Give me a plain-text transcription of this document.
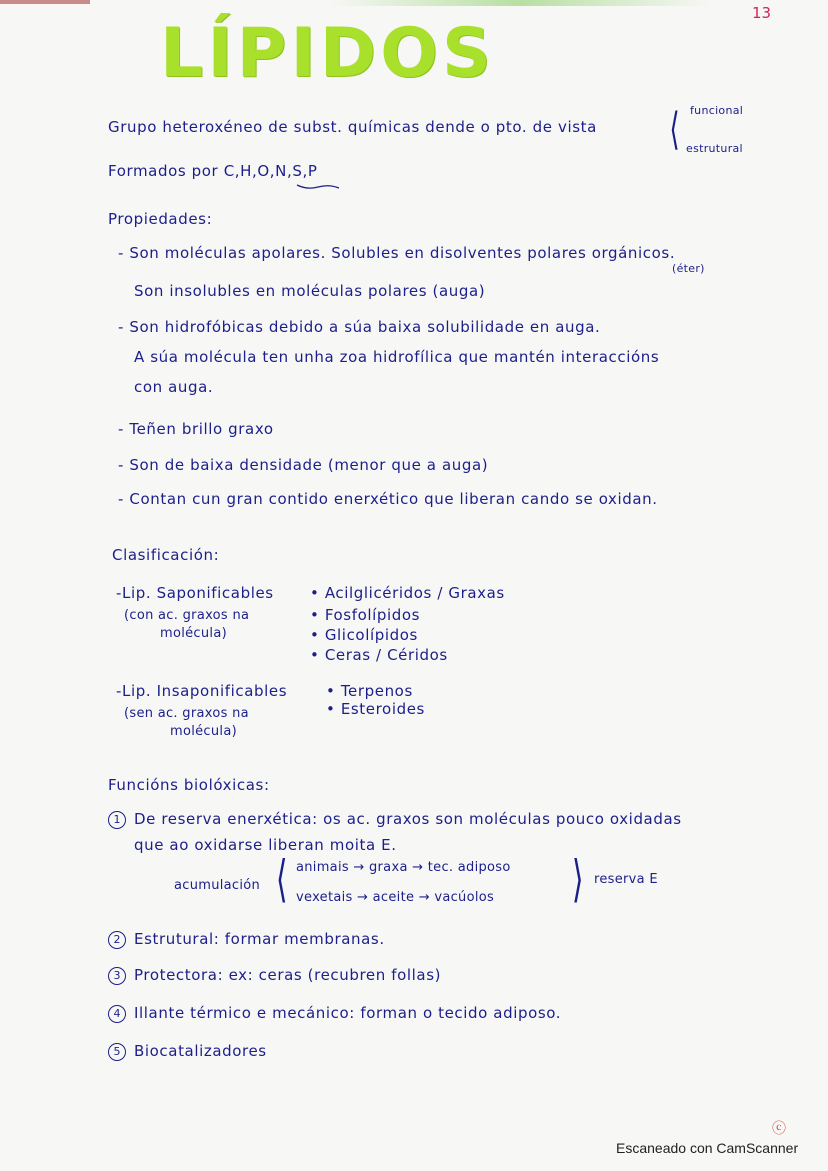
LÍPIDOS
13
Grupo heteroxéneo de subst. químicas dende o pto. de vista ⟨ funcional
estrutural
Formados por C,H,O,N,S,P
Propiedades:
- Son moléculas apolares. Solubles en disolventes polares orgánicos.
(éter)
Son insolubles en moléculas polares (auga)
- Son hidrofóbicas debido a súa baixa solubilidade en auga.
A súa molécula ten unha zoa hidrofílica que mantén interaccións
con auga.
- Teñen brillo graxo
- Son de baixa densidade (menor que a auga)
- Contan cun gran contido enerxético que liberan cando se oxidan.
Clasificación:
-Lip. Saponificables
(con ac. graxos na
molécula)
• Acilglicéridos / Graxas
• Fosfolípidos
• Glicolípidos
• Ceras / Céridos
-Lip. Insaponificables
(sen ac. graxos na
molécula)
• Terpenos
• Esteroides
Funcións biolóxicas:
1 De reserva enerxética: os ac. graxos son moléculas pouco oxidadas
que ao oxidarse liberan moita E.
acumulación ⟨ animais → graxa → tec. adiposo
vexetais → aceite → vacúolos ⟩ reserva E
2 Estrutural: formar membranas.
3 Protectora: ex: ceras (recubren follas)
4 Illante térmico e mecánico: forman o tecido adiposo.
5 Biocatalizadores
ⓒ
Escaneado con CamScanner
